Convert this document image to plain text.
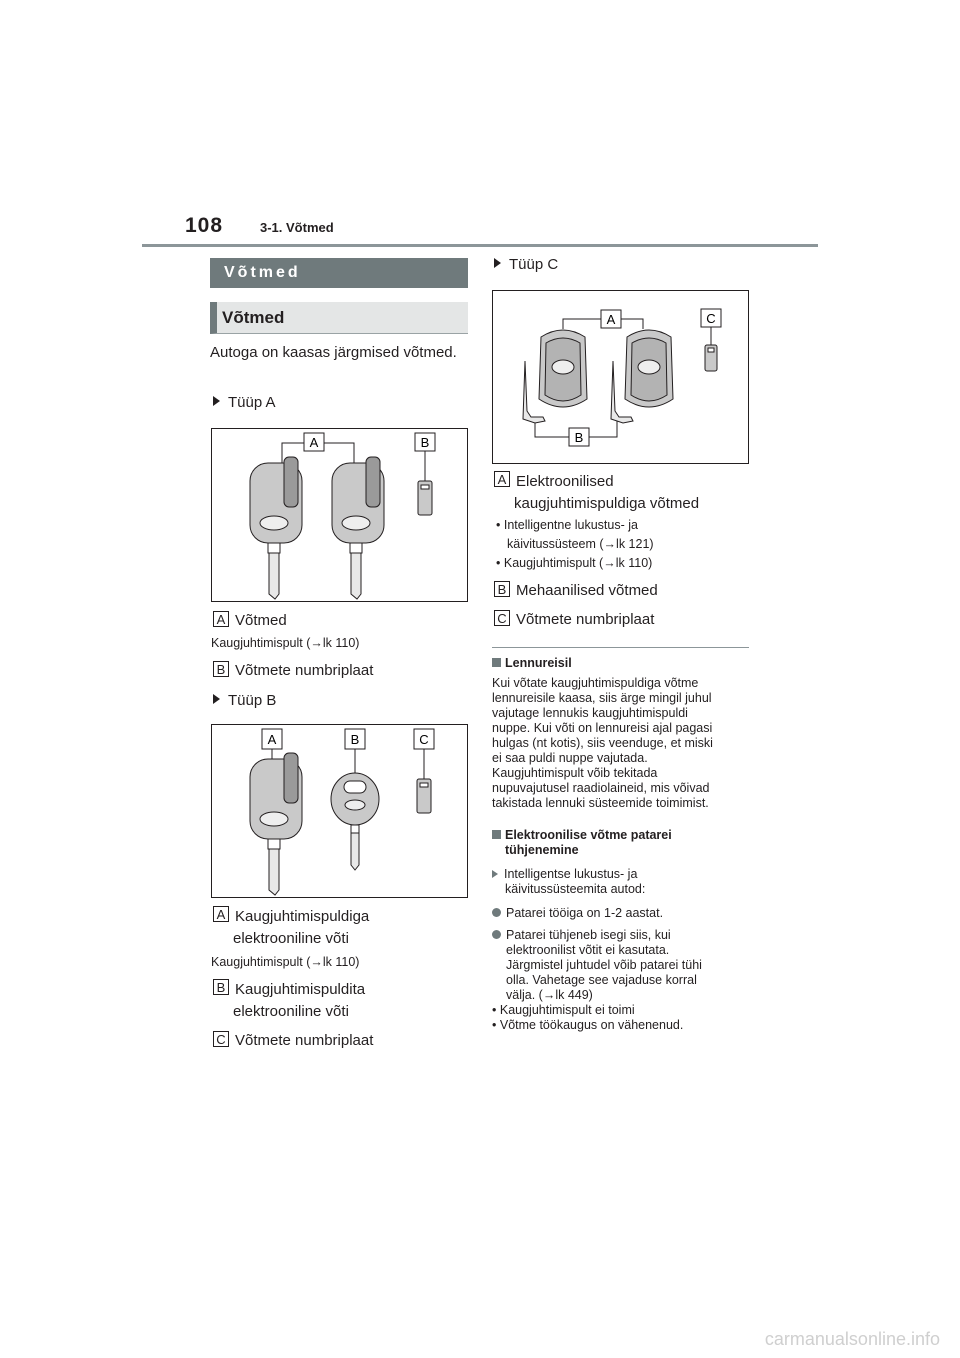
108	3-1. Võtmed
Võtmed
Võtmed
Autoga on kaasas järgmised võtmed.
Tüüp A
A	B
A Võtmed
Kaugjuhtimispult (→lk 110)
B Võtmete numbriplaat
Tüüp B
A	B	C
A Kaugjuhtimispuldiga
elektrooniline võti
Kaugjuhtimispult (→lk 110)
B Kaugjuhtimispuldita
elektrooniline võti
C Võtmete numbriplaat
Tüüp C
A	C
B
A Elektroonilised
kaugjuhtimispuldiga võtmed
• Intelligentne lukustus- ja
käivitussüsteem (→lk 121)
• Kaugjuhtimispult (→lk 110)
B Mehaanilised võtmed
C Võtmete numbriplaat
Lennureisil

Kui võtate kaugjuhtimispuldiga võtme

lennureisile kaasa, siis ärge mingil juhul

vajutage lennukis kaugjuhtimispuldi

nuppe. Kui võti on lennureisi ajal pagasi

hulgas (nt kotis), siis veenduge, et miski

ei saa puldi nuppe vajutada.

Kaugjuhtimispult võib tekitada

nupuvajutusel raadiolaineid, mis võivad

takistada lennuki süsteemide toimimist.

Elektroonilise võtme patarei
tühjenemine
Intelligentse lukustus- ja
käivitussüsteemita autod:
Patarei tööiga on 1-2 aastat.
Patarei tühjeneb isegi siis, kui
elektroonilist võtit ei kasutata.
Järgmistel juhtudel võib patarei tühi
olla. Vahetage see vajaduse korral
välja. (→lk 449)
• Kaugjuhtimispult ei toimi
• Võtme töökaugus on vähenenud.
carmanualsonline.info
